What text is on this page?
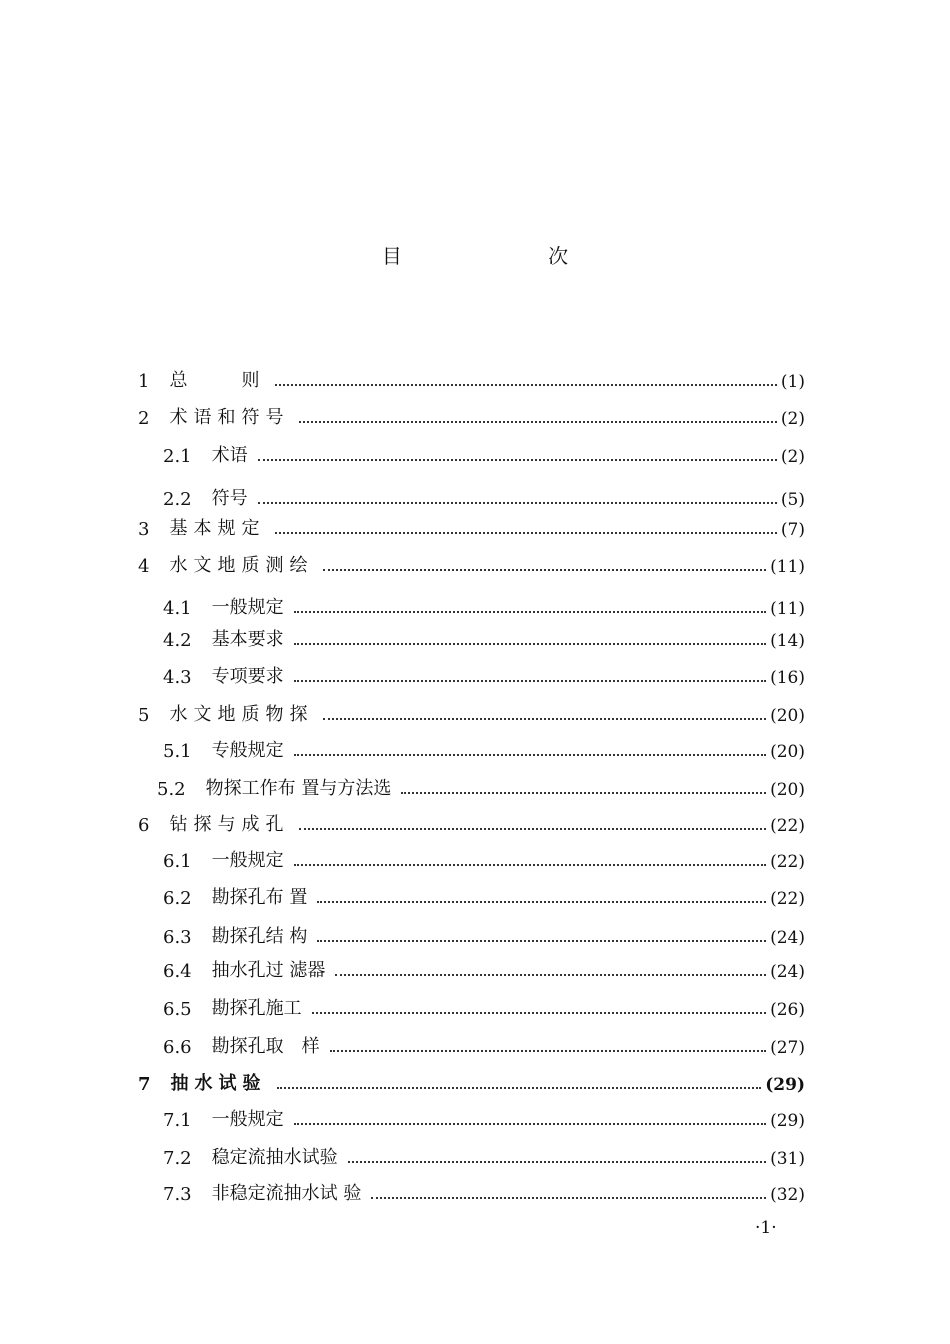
目 次
1 总　　则	(1)
2 术语和符号	(2)
2.1 术语	(2)
2.2 符号	(5)
3 基本规定	(7)
4 水文地质测绘	(11)
4.1 一般规定	(11)
4.2 基本要求	(14)
4.3 专项要求	(16)
5 水文地质物探	(20)
5.1 专般规定	(20)
5.2 物探工作布 置与方法选	(20)
6 钻探与成孔	(22)
6.1 一般规定	(22)
6.2 勘探孔布 置	(22)
6.3 勘探孔结 构	(24)
6.4 抽水孔过 滤器	(24)
6.5 勘探孔施工	(26)
6.6 勘探孔取　样	(27)
7 抽水试验	(29)
7.1 一般规定	(29)
7.2 稳定流抽水试验	(31)
7.3 非稳定流抽水试 验	(32)
·1·
